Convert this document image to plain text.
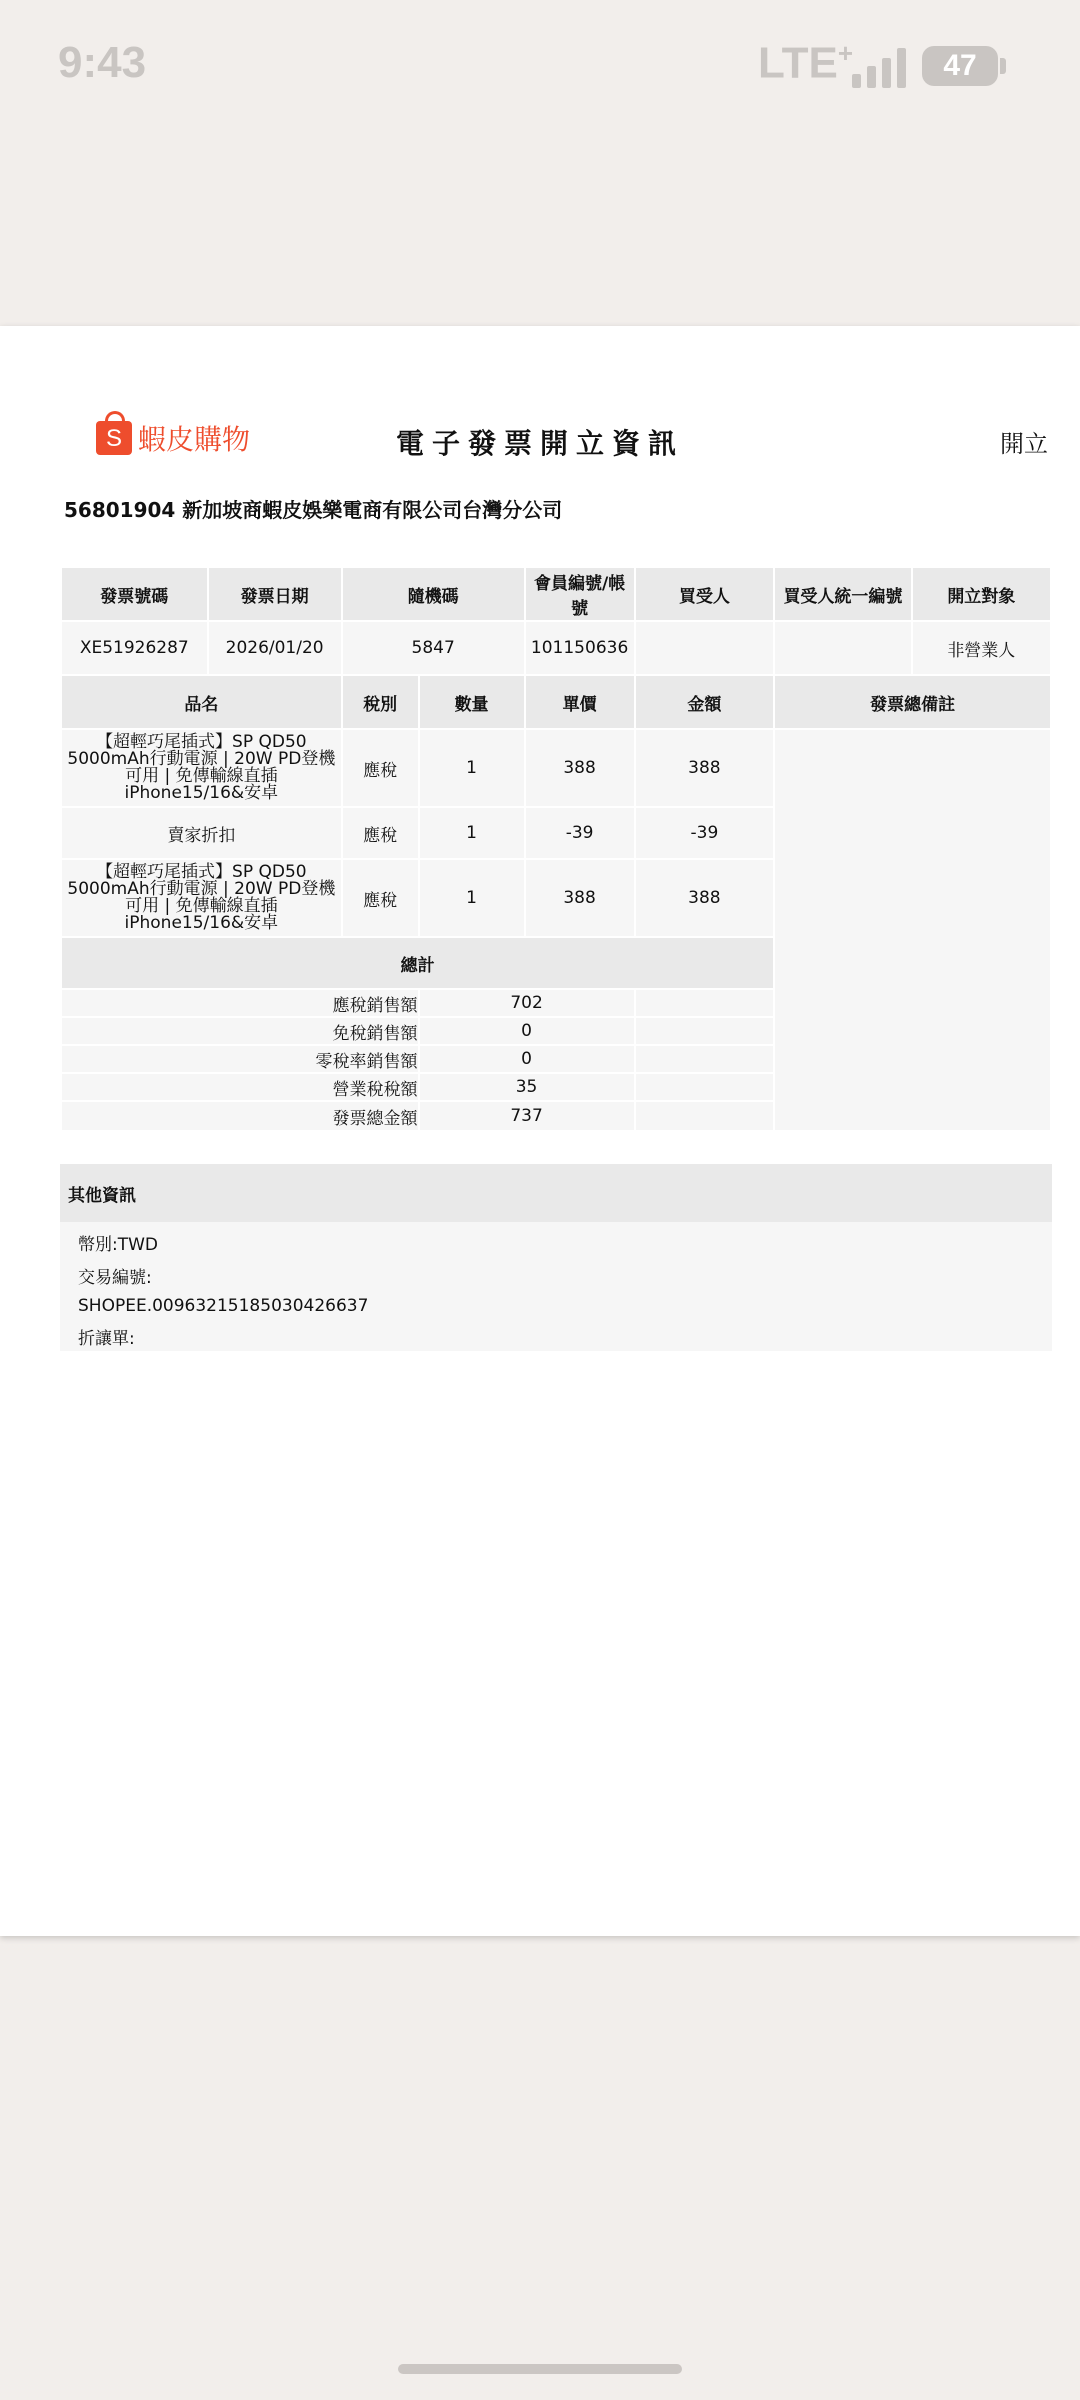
9:43	LTE+	47
S 蝦皮購物	電子發票開立資訊	開立
56801904 新加坡商蝦皮娛樂電商有限公司台灣分公司
發票號碼	發票日期	隨機碼		會員編號/帳號	買受人	買受人統一編號	開立對象
XE51926287	2026/01/20	5847		101150636			非營業人
品名		稅別	數量	單價	金額	發票總備註	
【超輕巧尾插式】SP QD50 5000mAh行動電源 | 20W PD登機可用 | 免傳輸線直插 iPhone15/16&安卓		應稅	1	388	388		
賣家折扣		應稅	1	-39	-39		
【超輕巧尾插式】SP QD50 5000mAh行動電源 | 20W PD登機可用 | 免傳輸線直插 iPhone15/16&安卓		應稅	1	388	388		
總計							
應稅銷售額			702				
免稅銷售額			0				
零稅率銷售額			0				
營業稅稅額			35				
發票總金額			737				
其他資訊
幣別:TWD
交易編號:
SHOPEE.00963215185030426637
折讓單:
